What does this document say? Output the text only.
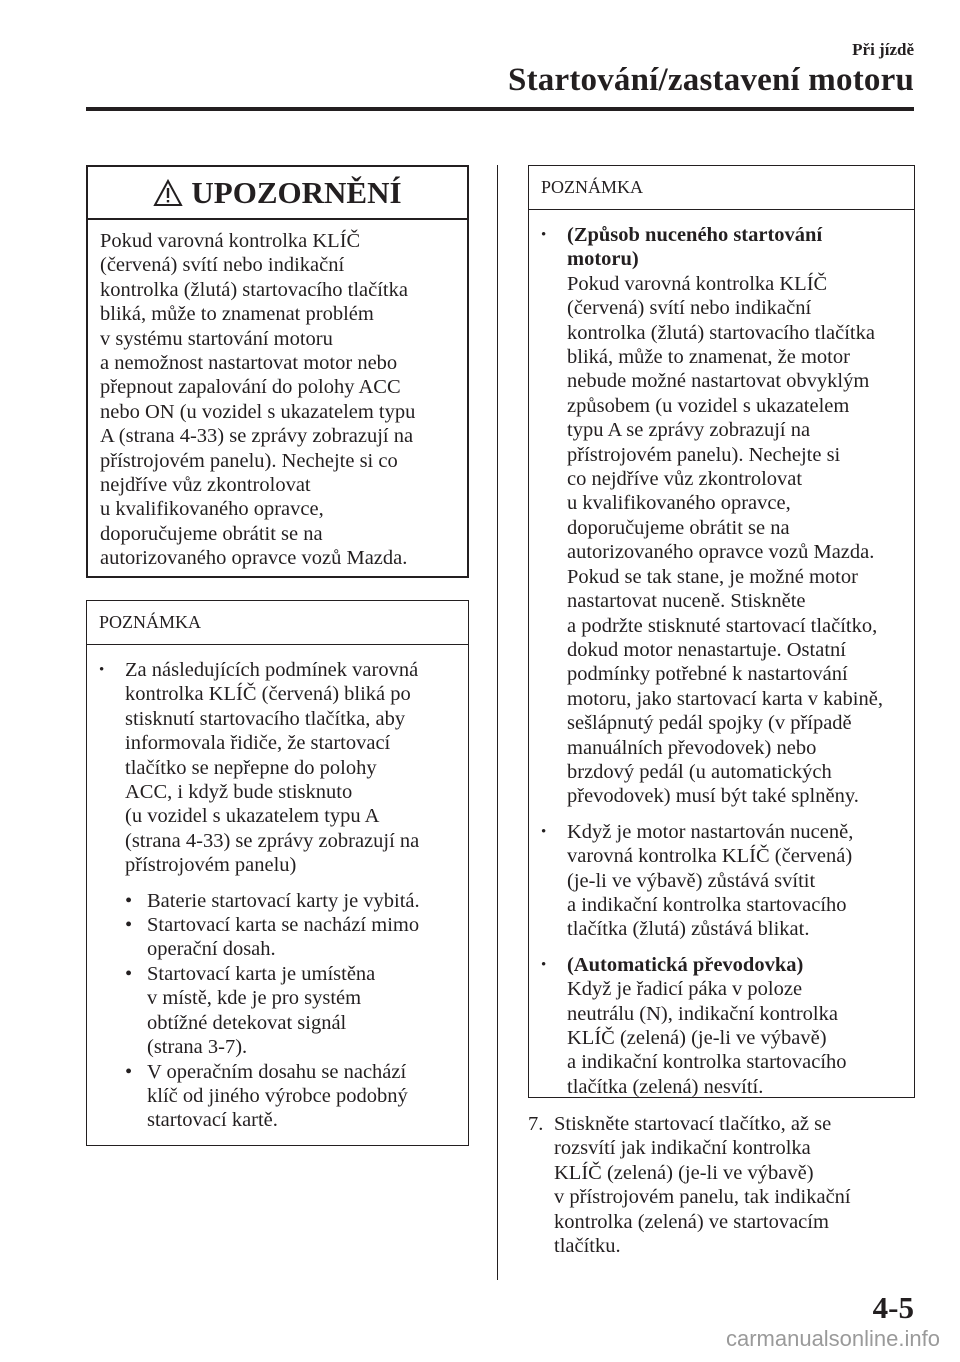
Při jízdě
Startování/zastavení motoru
UPOZORNĚNÍ
Pokud varovná kontrolka KLÍČ
(červená) svítí nebo indikační
kontrolka (žlutá) startovacího tlačítka
bliká, může to znamenat problém
v systému startování motoru
a nemožnost nastartovat motor nebo
přepnout zapalování do polohy ACC
nebo ON (u vozidel s ukazatelem typu
A (strana 4-33) se zprávy zobrazují na
přístrojovém panelu). Nechejte si co
nejdříve vůz zkontrolovat
u kvalifikovaného opravce,
doporučujeme obrátit se na
autorizovaného opravce vozů Mazda.
POZNÁMKA
•	Za následujících podmínek varovná
kontrolka KLÍČ (červená) bliká po
stisknutí startovacího tlačítka, aby
informovala řidiče, že startovací
tlačítko se nepřepne do polohy
ACC, i když bude stisknuto
(u vozidel s ukazatelem typu A
(strana 4-33) se zprávy zobrazují na
přístrojovém panelu)
• Baterie startovací karty je vybitá.
• Startovací karta se nachází mimo
operační dosah.
• Startovací karta je umístěna
v místě, kde je pro systém
obtížné detekovat signál
(strana 3-7).
• V operačním dosahu se nachází
klíč od jiného výrobce podobný
startovací kartě.
POZNÁMKA
•	(Způsob nuceného startování
motoru)
Pokud varovná kontrolka KLÍČ
(červená) svítí nebo indikační
kontrolka (žlutá) startovacího tlačítka
bliká, může to znamenat, že motor
nebude možné nastartovat obvyklým
způsobem (u vozidel s ukazatelem
typu A se zprávy zobrazují na
přístrojovém panelu). Nechejte si
co nejdříve vůz zkontrolovat
u kvalifikovaného opravce,
doporučujeme obrátit se na
autorizovaného opravce vozů Mazda.
Pokud se tak stane, je možné motor
nastartovat nuceně. Stiskněte
a podržte stisknuté startovací tlačítko,
dokud motor nenastartuje. Ostatní
podmínky potřebné k nastartování
motoru, jako startovací karta v kabině,
sešlápnutý pedál spojky (v případě
manuálních převodovek) nebo
brzdový pedál (u automatických
převodovek) musí být také splněny.
•	Když je motor nastartován nuceně,
varovná kontrolka KLÍČ (červená)
(je-li ve výbavě) zůstává svítit
a indikační kontrolka startovacího
tlačítka (žlutá) zůstává blikat.
•	(Automatická převodovka)
Když je řadicí páka v poloze
neutrálu (N), indikační kontrolka
KLÍČ (zelená) (je-li ve výbavě)
a indikační kontrolka startovacího
tlačítka (zelená) nesvítí.
7. Stiskněte startovací tlačítko, až se
rozsvítí jak indikační kontrolka
KLÍČ (zelená) (je-li ve výbavě)
v přístrojovém panelu, tak indikační
kontrolka (zelená) ve startovacím
tlačítku.
4-5
carmanualsonline.info
